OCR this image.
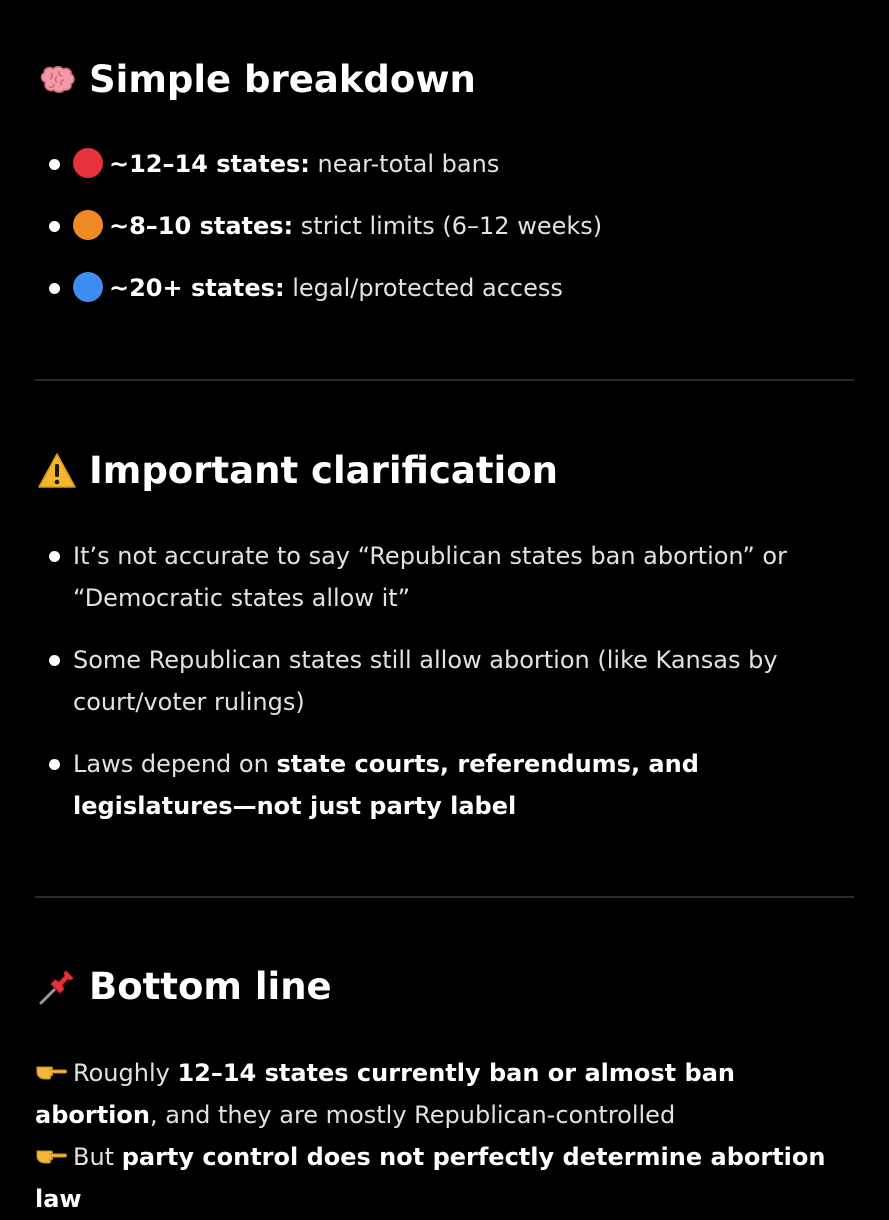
Simple breakdown
~12–14 states: near-total bans
~8–10 states: strict limits (6–12 weeks)
~20+ states: legal/protected access
Important clarification
It’s not accurate to say “Republican states ban abortion” or “Democratic states allow it”
Some Republican states still allow abortion (like Kansas by court/voter rulings)
Laws depend on state courts, referendums, and legislatures—not just party label
Bottom line
Roughly 12–14 states currently ban or almost ban abortion, and they are mostly Republican-controlled
But party control does not perfectly determine abortion law
